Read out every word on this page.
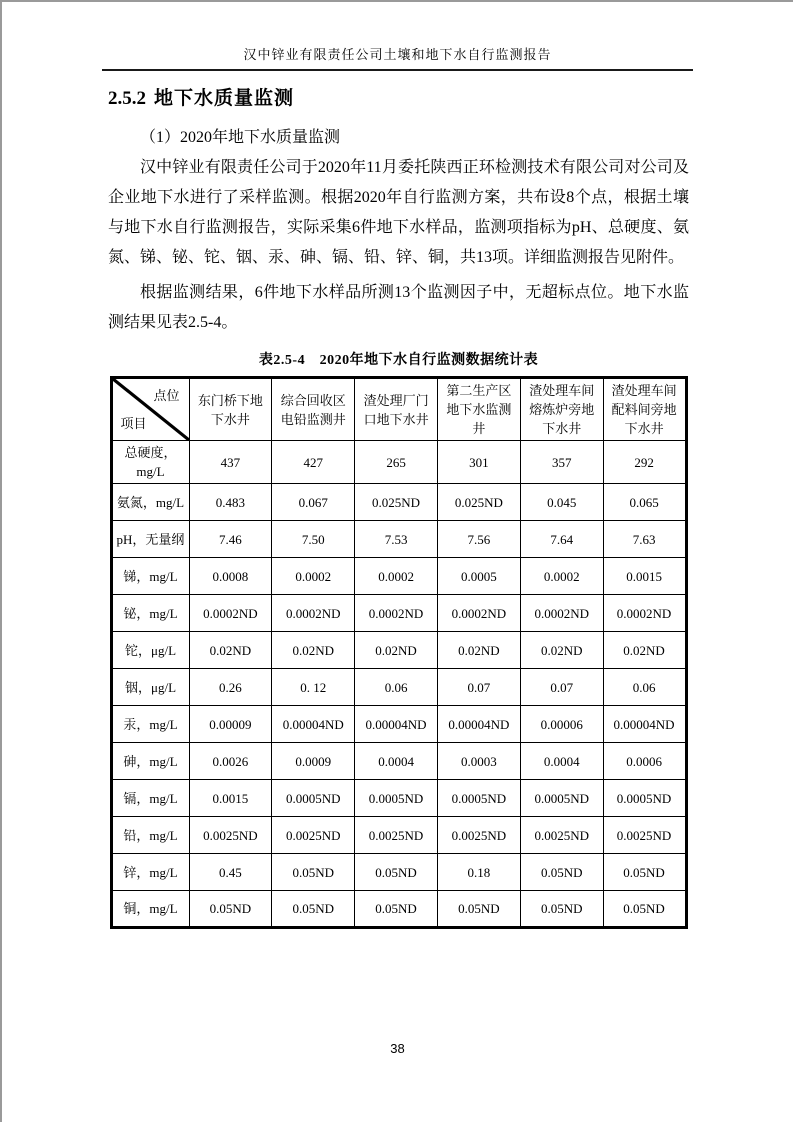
汉中锌业有限责任公司土壤和地下水自行监测报告
2.5.2 地下水质量监测
（1）2020年地下水质量监测

汉中锌业有限责任公司于2020年11月委托陕西正环检测技术有限公司对公司及企业地下水进行了采样监测。根据2020年自行监测方案，共布设8个点，根据土壤与地下水自行监测报告，实际采集6件地下水样品，监测项指标为pH、总硬度、氨氮、锑、铋、铊、铟、汞、砷、镉、铅、锌、铜，共13项。详细监测报告见附件。

根据监测结果，6件地下水样品所测13个监测因子中，无超标点位。地下水监测结果见表2.5-4。

表2.5-4　2020年地下水自行监测数据统计表
点位
项目	东门桥下地下水井	综合回收区电铅监测井	渣处理厂门口地下水井	第二生产区地下水监测井	渣处理车间熔炼炉旁地下水井	渣处理车间配料间旁地下水井
总硬度，mg/L	437	427	265	301	357	292
氨氮，mg/L	0.483	0.067	0.025ND	0.025ND	0.045	0.065
pH，无量纲	7.46	7.50	7.53	7.56	7.64	7.63
锑，mg/L	0.0008	0.0002	0.0002	0.0005	0.0002	0.0015
铋，mg/L	0.0002ND	0.0002ND	0.0002ND	0.0002ND	0.0002ND	0.0002ND
铊，μg/L	0.02ND	0.02ND	0.02ND	0.02ND	0.02ND	0.02ND
铟，μg/L	0.26	0. 12	0.06	0.07	0.07	0.06
汞，mg/L	0.00009	0.00004ND	0.00004ND	0.00004ND	0.00006	0.00004ND
砷，mg/L	0.0026	0.0009	0.0004	0.0003	0.0004	0.0006
镉，mg/L	0.0015	0.0005ND	0.0005ND	0.0005ND	0.0005ND	0.0005ND
铅，mg/L	0.0025ND	0.0025ND	0.0025ND	0.0025ND	0.0025ND	0.0025ND
锌，mg/L	0.45	0.05ND	0.05ND	0.18	0.05ND	0.05ND
铜，mg/L	0.05ND	0.05ND	0.05ND	0.05ND	0.05ND	0.05ND
38
